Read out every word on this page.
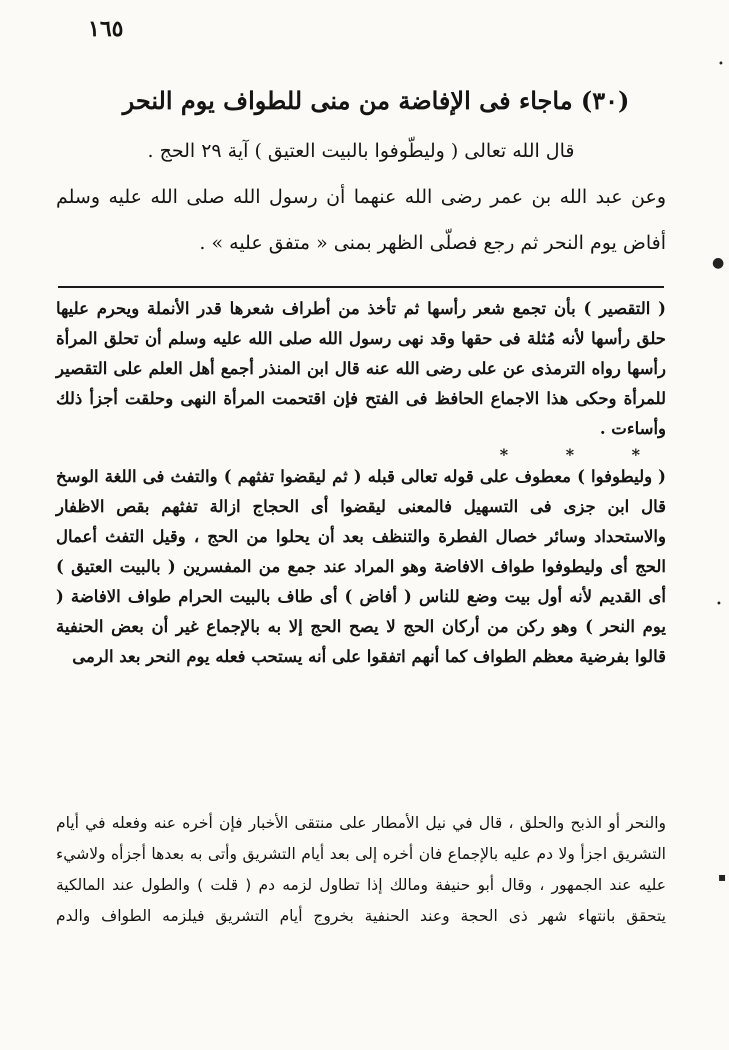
١٦٥
(٣٠) ماجاء فى الإفاضة من منى للطواف يوم النحر

قال الله تعالى ( وليطّوفوا بالبيت العتيق ) آية ٢٩ الحج .

وعن عبد الله بن عمر رضى الله عنهما أن رسول الله صلى الله عليه وسلم أفاض يوم النحر ثم رجع فصلّى الظهر بمنى « متفق عليه » .

( التقصير ) بأن تجمع شعر رأسها ثم تأخذ من أطراف شعرها قدر الأنملة ويحرم عليها حلق رأسها لأنه مُثلة فى حقها وقد نهى رسول الله صلى الله عليه وسلم أن تحلق المرأة رأسها رواه الترمذى عن على رضى الله عنه قال ابن المنذر أجمع أهل العلم على التقصير للمرأة وحكى هذا الاجماع الحافظ فى الفتح فإن اقتحمت المرأة النهى وحلقت أجزأ ذلك وأساءت .

* * *

( وليطوفوا ) معطوف على قوله تعالى قبله ( ثم ليقضوا تفثهم ) والتفث فى اللغة الوسخ قال ابن جزى فى التسهيل فالمعنى ليقضوا أى الحجاج ازالة تفثهم بقص الاظفار والاستحداد وسائر خصال الفطرة والتنظف بعد أن يحلوا من الحج ، وقيل التفث أعمال الحج أى وليطوفوا طواف الافاضة وهو المراد عند جمع من المفسرين ( بالبيت العتيق ) أى القديم لأنه أول بيت وضع للناس ( أفاض ) أى طاف بالبيت الحرام طواف الافاضة ( يوم النحر ) وهو ركن من أركان الحج لا يصح الحج إلا به بالإجماع غير أن بعض الحنفية قالوا بفرضية معظم الطواف كما أنهم اتفقوا على أنه يستحب فعله يوم النحر بعد الرمى

والنحر أو الذبح والحلق ، قال في نيل الأمطار على منتقى الأخبار فإن أخره عنه وفعله في أيام التشريق اجزأ ولا دم عليه بالإجماع فان أخره إلى بعد أيام التشريق وأتى به بعدها أجزأه ولاشيء عليه عند الجمهور ، وقال أبو حنيفة ومالك إذا تطاول لزمه دم ( قلت ) والطول عند المالكية يتحقق بانتهاء شهر ذى الحجة وعند الحنفية بخروج أيام التشريق فيلزمه الطواف والدم

•
●
•
▪
